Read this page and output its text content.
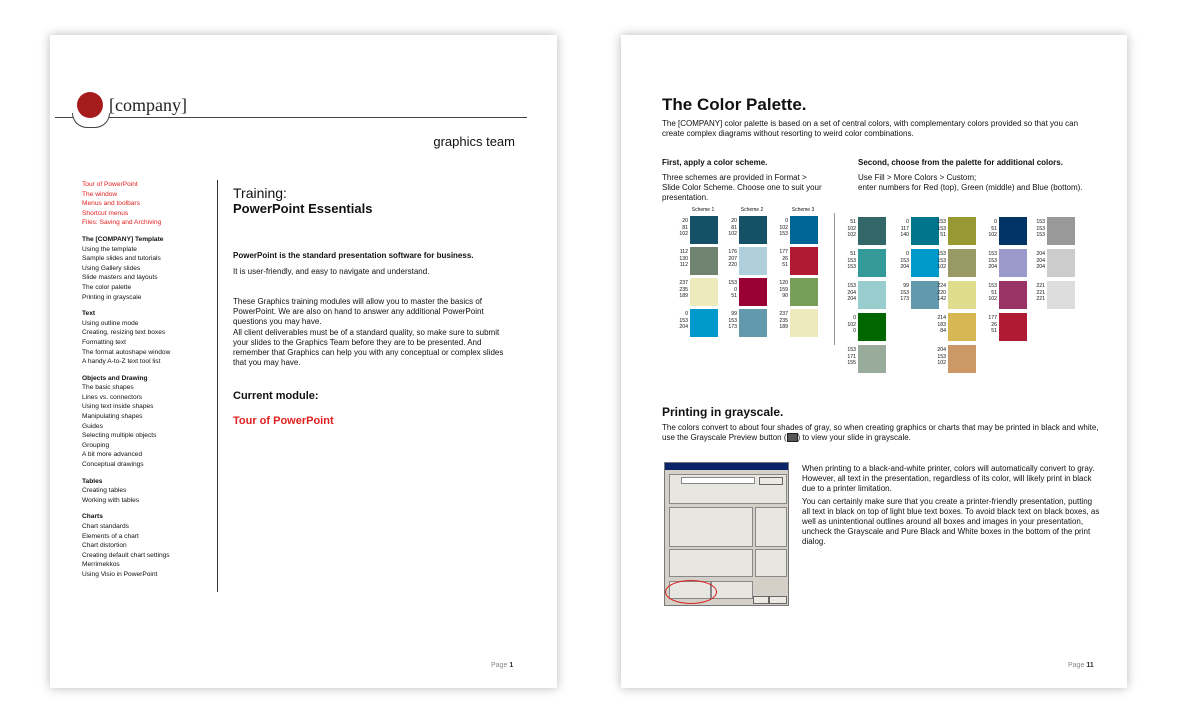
[company]
graphics team
Tour of PowerPoint
The window
Menus and toolbars
Shortcut menus
Files: Saving and Archiving
The [COMPANY] Template
Using the template
Sample slides and tutorials
Using Gallery slides
Slide masters and layouts
The color palette
Printing in grayscale
Text
Using outline mode
Creating, resizing text boxes
Formatting text
The format autoshape window
A handy A-to-Z text tool list
Objects and Drawing
The basic shapes
Lines vs. connectors
Using text inside shapes
Manipulating shapes
Guides
Selecting multiple objects
Grouping
A bit more advanced
Conceptual drawings
Tables
Creating tables
Working with tables
Charts
Chart standards
Elements of a chart
Chart distortion
Creating default chart settings
Merrimekkos
Using Visio in PowerPoint
Training:
PowerPoint Essentials
PowerPoint is the standard presentation software for business.
It is user-friendly, and easy to navigate and understand.
These Graphics training modules will allow you to master the basics of PowerPoint. We are also on hand to answer any additional PowerPoint questions you may have.
All client deliverables must be of a standard quality, so make sure to submit your slides to the Graphics Team before they are to be presented. And remember that Graphics can help you with any conceptual or complex slides that you may have.
Current module:
Tour of PowerPoint
Page 1
The Color Palette.
The [COMPANY] color palette is based on a set of central colors, with complementary colors provided so that you can create complex diagrams without resorting to weird color combinations.
First, apply a color scheme.
Three schemes are provided in Format > Slide Color Scheme. Choose one to suit your presentation.
Second, choose from the palette for additional colors.
Use Fill > More Colors > Custom;
enter numbers for Red (top), Green (middle) and Blue (bottom).
Scheme 1	Scheme 2	Scheme 3
20
81
102
112
130
112
237
235
189
0
153
204
20
81
102
176
207
220
153
0
51
99
153
173
0
102
153
177
26
51
120
159
90
237
235
189
51
102
102
51
153
153
153
204
204
0
102
0
153
171
155
0
117
140
0
153
204
99
153
173
153
153
51
153
153
102
224
220
142
214
183
84
204
153
102
0
51
102
153
153
204
153
51
102
177
26
51
153
153
153
204
204
204
221
221
221
Printing in grayscale.
The colors convert to about four shades of gray, so when creating graphics or charts that may be printed in black and white, use the Grayscale Preview button ( ) to view your slide in grayscale.
When printing to a black-and-white printer, colors will automatically convert to gray. However, all text in the presentation, regardless of its color, will likely print in black due to a printer limitation.
You can certainly make sure that you create a printer-friendly presentation, putting all text in black on top of light blue text boxes. To avoid black text on black boxes, as well as unintentional outlines around all boxes and images in your presentation, uncheck the Grayscale and Pure Black and White boxes in the bottom of the print dialog.
Page 11
